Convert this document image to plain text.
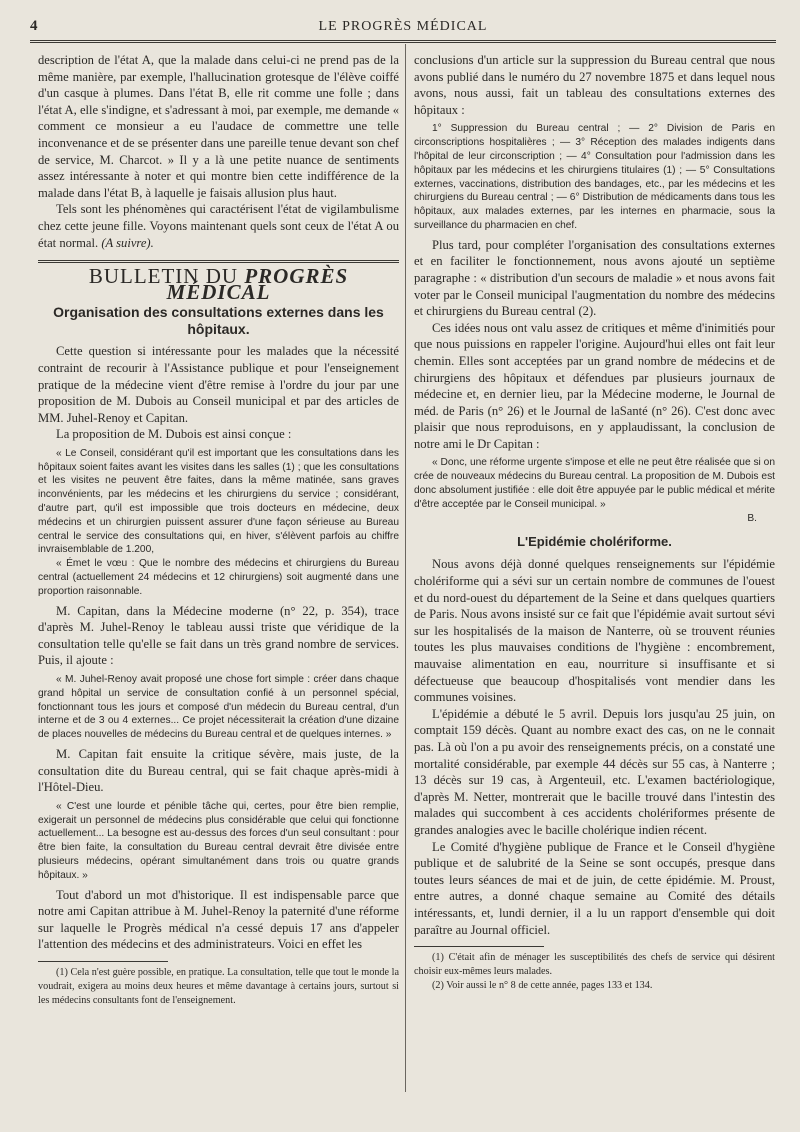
4	LE PROGRÈS MÉDICAL

description de l'état A, que la malade dans celui-ci ne prend pas de la même manière, par exemple, l'hallucination grotesque de l'élève coiffé d'un casque à plumes. Dans l'état B, elle rit comme une folle ; dans l'état A, elle s'indigne, et s'adressant à moi, par exemple, me demande « comment ce monsieur a eu l'audace de commettre une telle inconvenance et de se présenter dans une pareille tenue devant son chef de service, M. Charcot. » Il y a là une petite nuance de sentiments assez intéressante à noter et qui montre bien cette indifférence de la malade dans l'état B, à laquelle je faisais allusion plus haut.

Tels sont les phénomènes qui caractérisent l'état de vigilambulisme chez cette jeune fille. Voyons maintenant quels sont ceux de l'état A ou état normal. (A suivre).

BULLETIN DU PROGRÈS MÉDICAL
Organisation des consultations externes dans les hôpitaux.

Cette question si intéressante pour les malades que la nécessité contraint de recourir à l'Assistance publique et pour l'enseignement pratique de la médecine vient d'être remise à l'ordre du jour par une proposition de M. Dubois au Conseil municipal et par des articles de MM. Juhel-Renoy et Capitan.

La proposition de M. Dubois est ainsi conçue :

« Le Conseil, considérant qu'il est important que les consultations dans les hôpitaux soient faites avant les visites dans les salles (1) ; que les consultations et les visites ne peuvent être faites, dans la même matinée, sans graves inconvénients, par les médecins et les chirurgiens du service ; considérant, d'autre part, qu'il est impossible que trois docteurs en médecine, deux médecins et un chirurgien puissent assurer d'une façon sérieuse au Bureau central le service des consultations qui, en hiver, s'élèvent parfois au chiffre invraisemblable de 1.200,

« Émet le vœu : Que le nombre des médecins et chirurgiens du Bureau central (actuellement 24 médecins et 12 chirurgiens) soit augmenté dans une proportion raisonnable.

M. Capitan, dans la Médecine moderne (n° 22, p. 354), trace d'après M. Juhel-Renoy le tableau aussi triste que véridique de la consultation telle qu'elle se fait dans un très grand nombre de services. Puis, il ajoute :

« M. Juhel-Renoy avait proposé une chose fort simple : créer dans chaque grand hôpital un service de consultation confié à un personnel spécial, fonctionnant tous les jours et composé d'un médecin du Bureau central, d'un interne et de 3 ou 4 externes... Ce projet nécessiterait la création d'une dizaine de places nouvelles de médecins du Bureau central et de quelques internes. »

M. Capitan fait ensuite la critique sévère, mais juste, de la consultation dite du Bureau central, qui se fait chaque après-midi à l'Hôtel-Dieu.

« C'est une lourde et pénible tâche qui, certes, pour être bien remplie, exigerait un personnel de médecins plus considérable que celui qui fonctionne actuellement... La besogne est au-dessus des forces d'un seul consultant : pour être bien faite, la consultation du Bureau central devrait être divisée entre plusieurs médecins, opérant simultanément dans trois ou quatre grands hôpitaux. »

Tout d'abord un mot d'historique. Il est indispensable parce que notre ami Capitan attribue à M. Juhel-Renoy la paternité d'une réforme sur laquelle le Progrès médical n'a cessé depuis 17 ans d'appeler l'attention des médecins et des administrateurs. Voici en effet les

(1) Cela n'est guère possible, en pratique. La consultation, telle que tout le monde la voudrait, exigera au moins deux heures et même davantage à certains jours, surtout si les médecins consultants font de l'enseignement.

conclusions d'un article sur la suppression du Bureau central que nous avons publié dans le numéro du 27 novembre 1875 et dans lequel nous avons, nous aussi, fait un tableau des consultations externes des hôpitaux :

1° Suppression du Bureau central ; — 2° Division de Paris en circonscriptions hospitalières ; — 3° Réception des malades indigents dans l'hôpital de leur circonscription ; — 4° Consultation pour l'admission dans les hôpitaux par les médecins et les chirurgiens titulaires (1) ; — 5° Consultations externes, vaccinations, distribution des bandages, etc., par les médecins et les chirurgiens du Bureau central ; — 6° Distribution de médicaments dans tous les hôpitaux, aux malades externes, par les internes en pharmacie, sous la surveillance du pharmacien en chef.

Plus tard, pour compléter l'organisation des consultations externes et en faciliter le fonctionnement, nous avons ajouté un septième paragraphe : « distribution d'un secours de maladie » et nous avons fait voter par le Conseil municipal l'augmentation du nombre des médecins et chirurgiens du Bureau central (2).

Ces idées nous ont valu assez de critiques et même d'inimitiés pour que nous puissions en rappeler l'origine. Aujourd'hui elles ont fait leur chemin. Elles sont acceptées par un grand nombre de médecins et de chirurgiens des hôpitaux et défendues par plusieurs journaux de médecine et, en dernier lieu, par la Médecine moderne, le Journal de méd. de Paris (n° 26) et le Journal de laSanté (n° 26). C'est donc avec plaisir que nous reproduisons, en y applaudissant, la conclusion de notre ami le Dr Capitan :

« Donc, une réforme urgente s'impose et elle ne peut être réalisée que si on crée de nouveaux médecins du Bureau central. La proposition de M. Dubois est donc absolument justifiée : elle doit être appuyée par le public médical et mérite d'être acceptée par le Conseil municipal. »

B.

L'Epidémie cholériforme.

Nous avons déjà donné quelques renseignements sur l'épidémie cholériforme qui a sévi sur un certain nombre de communes de l'ouest et du nord-ouest du département de la Seine et dans quelques quartiers de Paris. Nous avons insisté sur ce fait que l'épidémie avait surtout sévi sur les hospitalisés de la maison de Nanterre, où se trouvent réunies toutes les plus mauvaises conditions de l'hygiène : encombrement, mauvaise alimentation en eau, nourriture si insuffisante et si défectueuse que beaucoup d'hospitalisés vont mendier dans les communes voisines.

L'épidémie a débuté le 5 avril. Depuis lors jusqu'au 25 juin, on comptait 159 décès. Quant au nombre exact des cas, on ne le connait pas. Là où l'on a pu avoir des renseignements précis, on a constaté une mortalité considérable, par exemple 44 décès sur 55 cas, à Nanterre ; 13 décès sur 19 cas, à Argenteuil, etc. L'examen bactériologique, d'après M. Netter, montrerait que le bacille trouvé dans l'intestin des malades qui succombent à ces accidents cholériformes présente de grandes analogies avec le bacille cholérique indien récent.

Le Comité d'hygiène publique de France et le Conseil d'hygiène publique et de salubrité de la Seine se sont occupés, presque dans toutes leurs séances de mai et de juin, de cette épidémie. M. Proust, entre autres, a donné chaque semaine au Comité des détails intéressants, et, lundi dernier, il a lu un rapport d'ensemble qui doit paraître au Journal officiel.

(1) C'était afin de ménager les susceptibilités des chefs de service qui désirent choisir eux-mêmes leurs malades.

(2) Voir aussi le n° 8 de cette année, pages 133 et 134.
